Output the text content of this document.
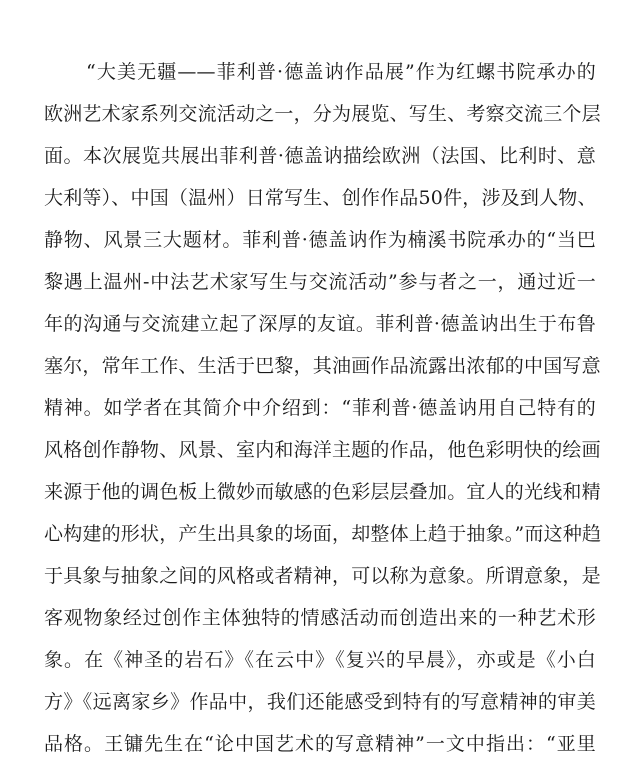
“大美无疆——菲利普·德盖讷作品展”作为红螺书院承办的
欧洲艺术家系列交流活动之一，分为展览、写生、考察交流三个层
面。本次展览共展出菲利普·德盖讷描绘欧洲（法国、比利时、意
大利等）、中国（温州）日常写生、创作作品50件，涉及到人物、
静物、风景三大题材。菲利普·德盖讷作为楠溪书院承办的“当巴
黎遇上温州-中法艺术家写生与交流活动”参与者之一，通过近一
年的沟通与交流建立起了深厚的友谊。菲利普·德盖讷出生于布鲁
塞尔，常年工作、生活于巴黎，其油画作品流露出浓郁的中国写意
精神。如学者在其简介中介绍到：“菲利普·德盖讷用自己特有的
风格创作静物、风景、室内和海洋主题的作品，他色彩明快的绘画
来源于他的调色板上微妙而敏感的色彩层层叠加。宜人的光线和精
心构建的形状，产生出具象的场面，却整体上趋于抽象。”而这种趋
于具象与抽象之间的风格或者精神，可以称为意象。所谓意象，是
客观物象经过创作主体独特的情感活动而创造出来的一种艺术形
象。在《神圣的岩石》《在云中》《复兴的早晨》，亦或是《小白
方》《远离家乡》作品中，我们还能感受到特有的写意精神的审美
品格。王镛先生在“论中国艺术的写意精神”一文中指出：“亚里
